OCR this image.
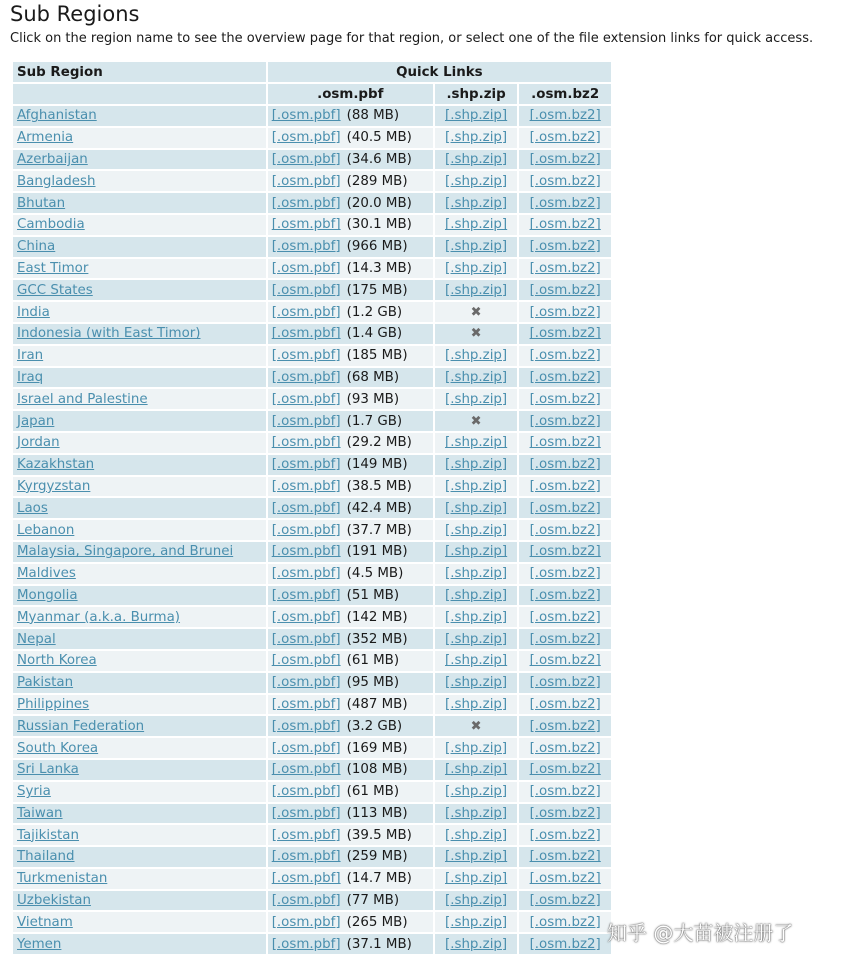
Sub Regions

Click on the region name to see the overview page for that region, or select one of the file extension links for quick access.

Sub Region	Quick Links		
	.osm.pbf	.shp.zip	.osm.bz2
Afghanistan	[.osm.pbf] (88 MB)	[.shp.zip]	[.osm.bz2]
Armenia	[.osm.pbf] (40.5 MB)	[.shp.zip]	[.osm.bz2]
Azerbaijan	[.osm.pbf] (34.6 MB)	[.shp.zip]	[.osm.bz2]
Bangladesh	[.osm.pbf] (289 MB)	[.shp.zip]	[.osm.bz2]
Bhutan	[.osm.pbf] (20.0 MB)	[.shp.zip]	[.osm.bz2]
Cambodia	[.osm.pbf] (30.1 MB)	[.shp.zip]	[.osm.bz2]
China	[.osm.pbf] (966 MB)	[.shp.zip]	[.osm.bz2]
East Timor	[.osm.pbf] (14.3 MB)	[.shp.zip]	[.osm.bz2]
GCC States	[.osm.pbf] (175 MB)	[.shp.zip]	[.osm.bz2]
India	[.osm.pbf] (1.2 GB)	✖	[.osm.bz2]
Indonesia (with East Timor)	[.osm.pbf] (1.4 GB)	✖	[.osm.bz2]
Iran	[.osm.pbf] (185 MB)	[.shp.zip]	[.osm.bz2]
Iraq	[.osm.pbf] (68 MB)	[.shp.zip]	[.osm.bz2]
Israel and Palestine	[.osm.pbf] (93 MB)	[.shp.zip]	[.osm.bz2]
Japan	[.osm.pbf] (1.7 GB)	✖	[.osm.bz2]
Jordan	[.osm.pbf] (29.2 MB)	[.shp.zip]	[.osm.bz2]
Kazakhstan	[.osm.pbf] (149 MB)	[.shp.zip]	[.osm.bz2]
Kyrgyzstan	[.osm.pbf] (38.5 MB)	[.shp.zip]	[.osm.bz2]
Laos	[.osm.pbf] (42.4 MB)	[.shp.zip]	[.osm.bz2]
Lebanon	[.osm.pbf] (37.7 MB)	[.shp.zip]	[.osm.bz2]
Malaysia, Singapore, and Brunei	[.osm.pbf] (191 MB)	[.shp.zip]	[.osm.bz2]
Maldives	[.osm.pbf] (4.5 MB)	[.shp.zip]	[.osm.bz2]
Mongolia	[.osm.pbf] (51 MB)	[.shp.zip]	[.osm.bz2]
Myanmar (a.k.a. Burma)	[.osm.pbf] (142 MB)	[.shp.zip]	[.osm.bz2]
Nepal	[.osm.pbf] (352 MB)	[.shp.zip]	[.osm.bz2]
North Korea	[.osm.pbf] (61 MB)	[.shp.zip]	[.osm.bz2]
Pakistan	[.osm.pbf] (95 MB)	[.shp.zip]	[.osm.bz2]
Philippines	[.osm.pbf] (487 MB)	[.shp.zip]	[.osm.bz2]
Russian Federation	[.osm.pbf] (3.2 GB)	✖	[.osm.bz2]
South Korea	[.osm.pbf] (169 MB)	[.shp.zip]	[.osm.bz2]
Sri Lanka	[.osm.pbf] (108 MB)	[.shp.zip]	[.osm.bz2]
Syria	[.osm.pbf] (61 MB)	[.shp.zip]	[.osm.bz2]
Taiwan	[.osm.pbf] (113 MB)	[.shp.zip]	[.osm.bz2]
Tajikistan	[.osm.pbf] (39.5 MB)	[.shp.zip]	[.osm.bz2]
Thailand	[.osm.pbf] (259 MB)	[.shp.zip]	[.osm.bz2]
Turkmenistan	[.osm.pbf] (14.7 MB)	[.shp.zip]	[.osm.bz2]
Uzbekistan	[.osm.pbf] (77 MB)	[.shp.zip]	[.osm.bz2]
Vietnam	[.osm.pbf] (265 MB)	[.shp.zip]	[.osm.bz2]
Yemen	[.osm.pbf] (37.1 MB)	[.shp.zip]	[.osm.bz2] 知乎 @大苗被注册了
